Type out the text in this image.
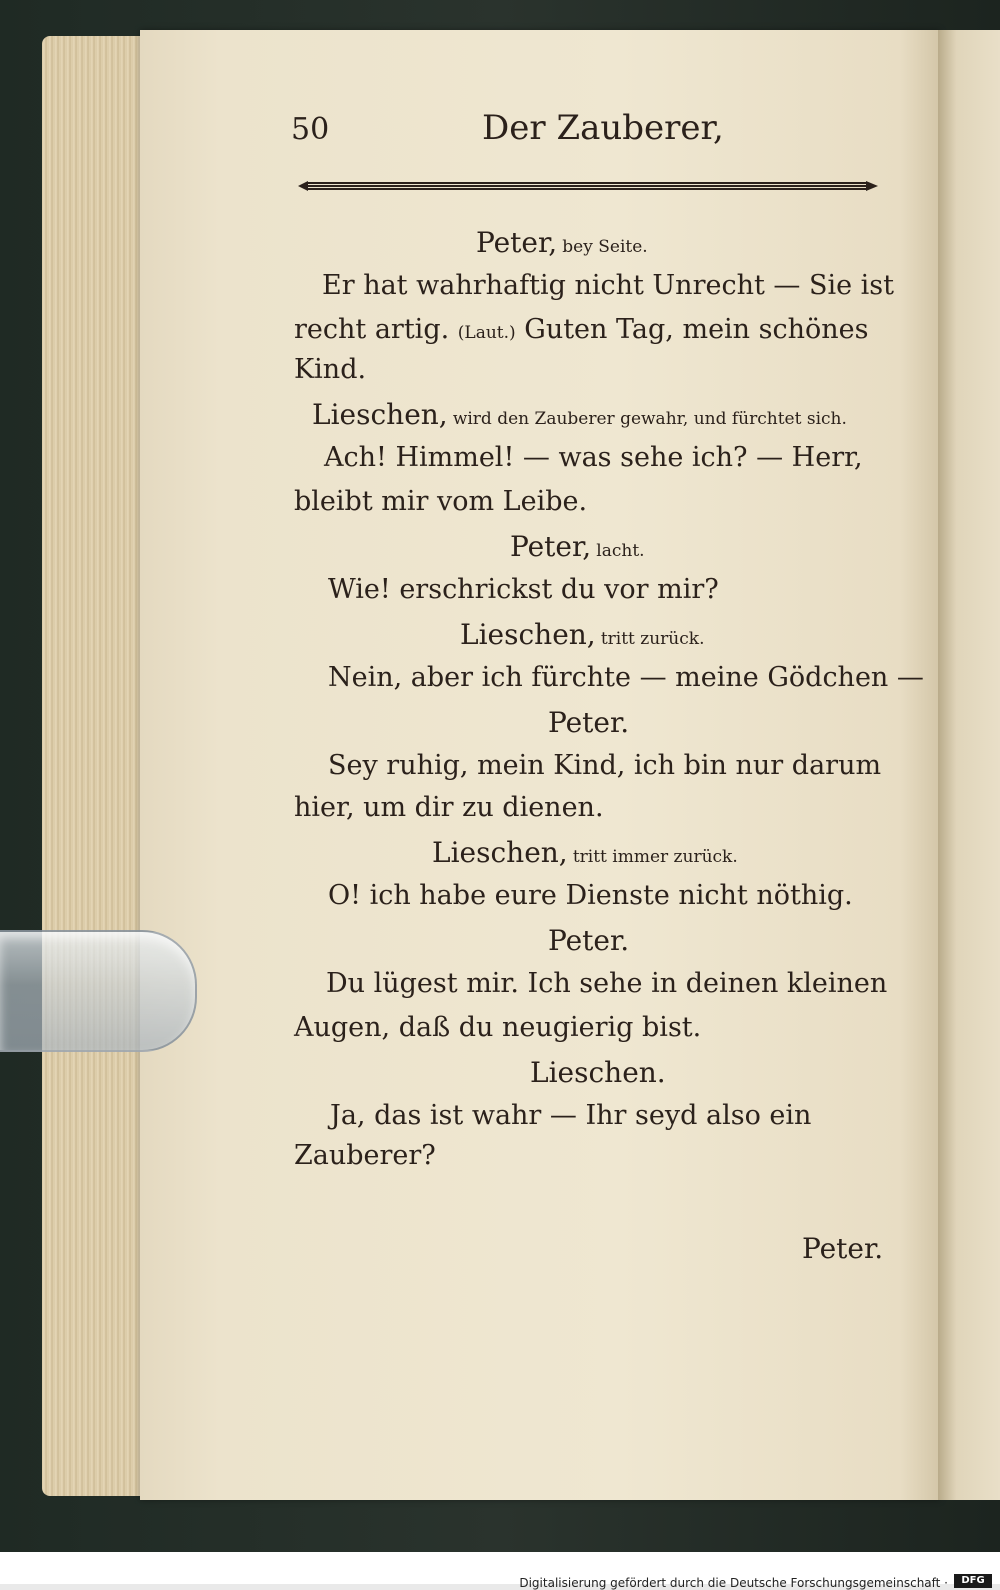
50	Der Zauberer,
Peter, bey Seite.
Er hat wahrhaftig nicht Unrecht — Sie ist
recht artig. (Laut.) Guten Tag, mein schönes
Kind.
Lieschen, wird den Zauberer gewahr, und fürchtet sich.
Ach! Himmel! — was sehe ich? — Herr,
bleibt mir vom Leibe.
Peter, lacht.
Wie! erschrickst du vor mir?
Lieschen, tritt zurück.
Nein, aber ich fürchte — meine Gödchen —
Peter.
Sey ruhig, mein Kind, ich bin nur darum
hier, um dir zu dienen.
Lieschen, tritt immer zurück.
O! ich habe eure Dienste nicht nöthig.
Peter.
Du lügest mir. Ich sehe in deinen kleinen
Augen, daß du neugierig bist.
Lieschen.
Ja, das ist wahr — Ihr seyd also ein
Zauberer?
Peter.
Digitalisierung gefördert durch die Deutsche Forschungsgemeinschaft ·	DFG
